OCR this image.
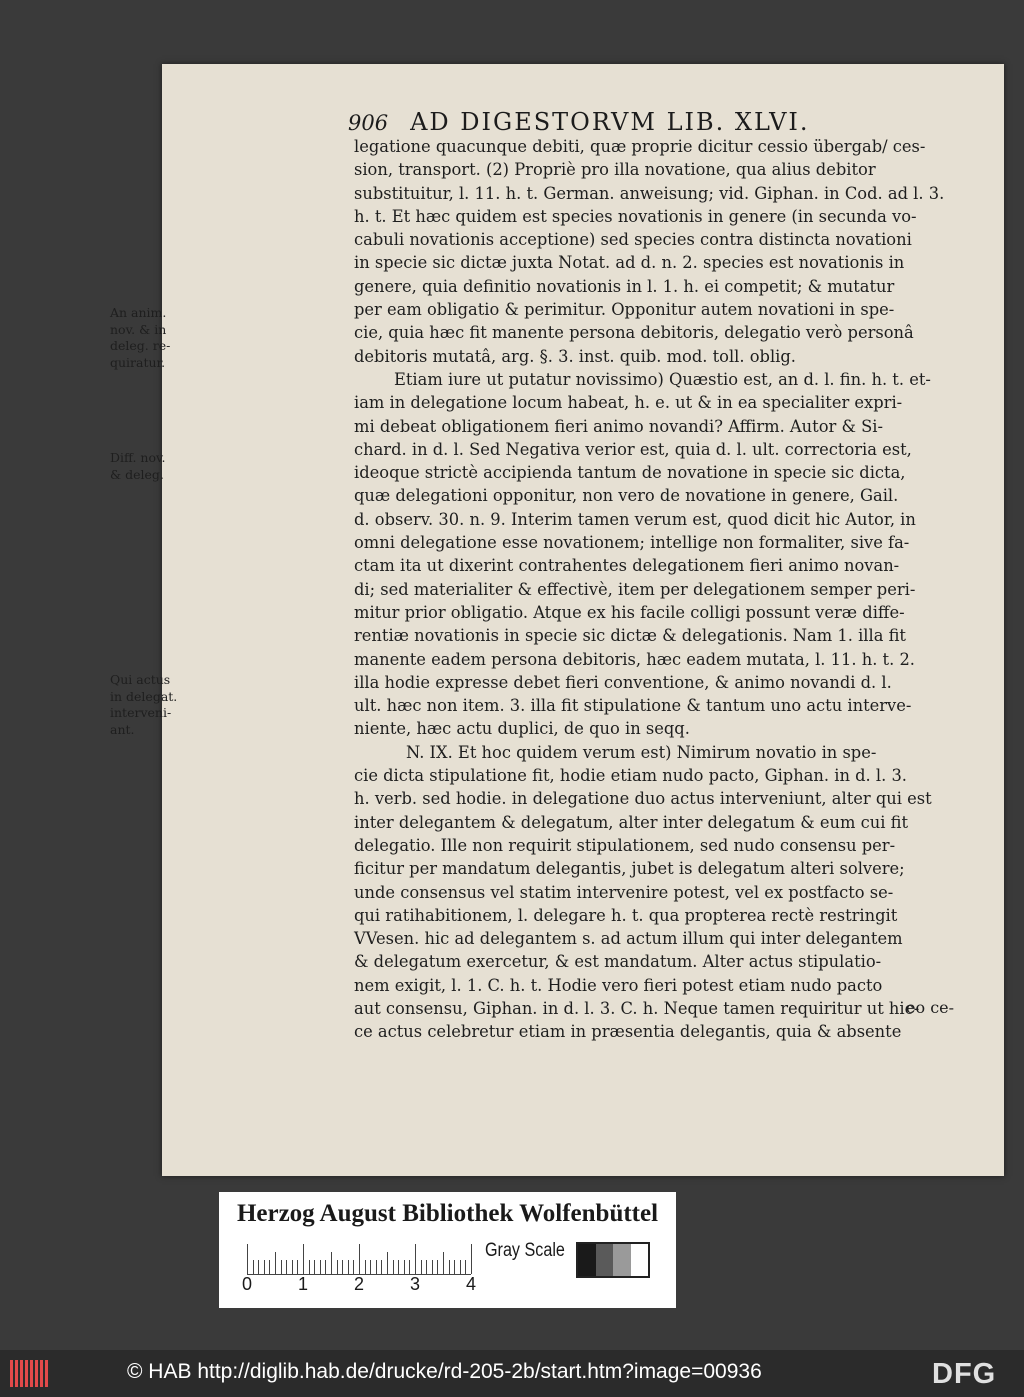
906 AD DIGESTORVM LIB. XLVI.
legatione quacunque debiti, quæ proprie dicitur cessio übergab/ ces-
sion, transport. (2) Propriè pro illa novatione, qua alius debitor
substituitur, l. 11. h. t. German. anweisung; vid. Giphan. in Cod. ad l. 3.
h. t. Et hæc quidem est species novationis in genere (in secunda vo-
cabuli novationis acceptione) sed species contra distincta novationi
in specie sic dictæ juxta Notat. ad d. n. 2. species est novationis in
genere, quia definitio novationis in l. 1. h. ei competit; & mutatur
per eam obligatio & perimitur. Opponitur autem novationi in spe-
cie, quia hæc fit manente persona debitoris, delegatio verò personâ
debitoris mutatâ, arg. §. 3. inst. quib. mod. toll. oblig.
Etiam iure ut putatur novissimo) Quæstio est, an d. l. fin. h. t. et-
iam in delegatione locum habeat, h. e. ut & in ea specialiter expri-
mi debeat obligationem fieri animo novandi? Affirm. Autor & Si-
chard. in d. l. Sed Negativa verior est, quia d. l. ult. correctoria est,
ideoque strictè accipienda tantum de novatione in specie sic dicta,
quæ delegationi opponitur, non vero de novatione in genere, Gail.
d. observ. 30. n. 9. Interim tamen verum est, quod dicit hic Autor, in
omni delegatione esse novationem; intellige non formaliter, sive fa-
ctam ita ut dixerint contrahentes delegationem fieri animo novan-
di; sed materialiter & effectivè, item per delegationem semper peri-
mitur prior obligatio. Atque ex his facile colligi possunt veræ diffe-
rentiæ novationis in specie sic dictæ & delegationis. Nam 1. illa fit
manente eadem persona debitoris, hæc eadem mutata, l. 11. h. t. 2.
illa hodie expresse debet fieri conventione, & animo novandi d. l.
ult. hæc non item. 3. illa fit stipulatione & tantum uno actu interve-
niente, hæc actu duplici, de quo in seqq.
N. IX. Et hoc quidem verum est) Nimirum novatio in spe-
cie dicta stipulatione fit, hodie etiam nudo pacto, Giphan. in d. l. 3.
h. verb. sed hodie. in delegatione duo actus interveniunt, alter qui est
inter delegantem & delegatum, alter inter delegatum & eum cui fit
delegatio. Ille non requirit stipulationem, sed nudo consensu per-
ficitur per mandatum delegantis, jubet is delegatum alteri solvere;
unde consensus vel statim intervenire potest, vel ex postfacto se-
qui ratihabitionem, l. delegare h. t. qua propterea rectè restringit
VVesen. hic ad delegantem s. ad actum illum qui inter delegantem
& delegatum exercetur, & est mandatum. Alter actus stipulatio-
nem exigit, l. 1. C. h. t. Hodie vero fieri potest etiam nudo pacto
aut consensu, Giphan. in d. l. 3. C. h. Neque tamen requiritur ut hic-
ce actus celebretur etiam in præsentia delegantis, quia & absente
eo ce-
An anim.
nov. & in
deleg. re-
quiratur.
Diff. nov.
& deleg.
Qui actus
in delegat.
interveni-
ant.
Herzog August Bibliothek Wolfenbüttel
Gray Scale
0	1	2	3	4
© HAB http://diglib.hab.de/drucke/rd-205-2b/start.htm?image=00936	DFG
